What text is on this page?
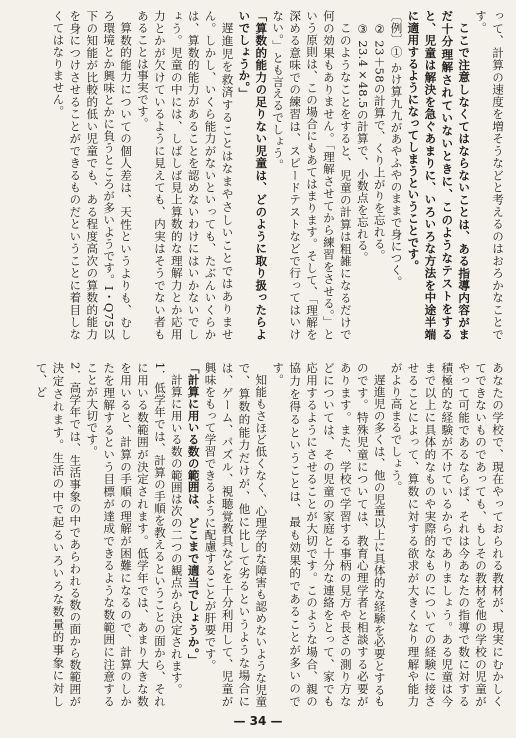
って、計算の速度を増そうなどと考えるのはおろかなことです。

ここで注意しなくてはならないことは、ある指導内容がまだ十分理解されていないときに、このようなテストをすると、児童は解決を急ぐあまりに、いろいろな方法を中途半端に適用するようになってしまうということです。

〔例〕① かけ算九九があやふやのままで身につく。

② 23＋58の計算で、くり上がりを忘れる。

③ 23.4×48.5の計算で、小数点を忘れる。

このようなことをすると、児童の計算は粗雑になるだけで何の効果もありません。「理解させてから練習をさせる。」という原則は、この場合にもあてはまります。そして、「理解を深める意味での練習は、スピードテストなどで行ってはいけない。」とも言えるでしょう。

「算数的能力の足りない児童は、どのように取り扱ったらよいでしょうか。」

遅進児を救済することはなまやさしいことではありません。しかし、いくら能力がないといっても、たぶんいくらかは、算数的能力があることを認めないわけにはいかないでしょう。児童の中には、しばしば見上算数的な理解力とか応用力とかが欠けているように見えても、内実はそうでない者もあることは事実です。

算数的能力についての個人差は、天性というよりも、むしろ環境とか興味とかに負うところが多いようです。I・Q75以下の知能が比較的低い児童でも、ある程度高次の算数的能力を身につけさせることができるものだということに着目しなくてはなりません。

あなたの学校で、現在やっておられる教材が、現実にむかしくてできないものであっても、もしその教材を他の学校の児童がやって可能であるならば、それは今あなたの指導で数に対する積極的な経験が不けているからでありましょう。ある児童は今まで以上に具体的なものや実際的なものについての経験に接させることによって、算数に対する欲求が大きくなり理解や能力がより高まるでしょう。

遅進児の多くは、他の児童以上に具体的な経験を必要とするものです。特殊児童については、教育心理学者と相談する必要があります。また、学校で学習する事柄の見方や長さの測り方などについては、その児童の家庭と十分な連絡をとって、家でも応用するようにさせることが大切です。このような場合、親の協力を得るということは、最も効果的であることが多いのです。

知能もさほど低くなく、心理学的な障害も認めないような児童で、算数的能力だけが、他に比して劣るというような場合には、ゲーム、パズル、視聴覚教具などを十分利用して、児童が興味をもって学習できるように配慮することが肝要です。

「計算に用いる数の範囲は、どこまで適当でしょうか。」

計算に用いる数の範囲は次の二つの観点から決定されます。

1．低学年では、計算の手順を教えるということの面から、それに用いる数範囲が決定されます。低学年では、あまり大きな数を用いると、計算の手順の理解が困難になるので、計算のしかたを理解するという目標が達成できるような数範囲に注意することが大切です。

2．高学年では、生活事象の中であらわれる数の面から数範囲が決定されます。生活の中で起るいろいろな数量的事象に対して、ど

— 34 —
